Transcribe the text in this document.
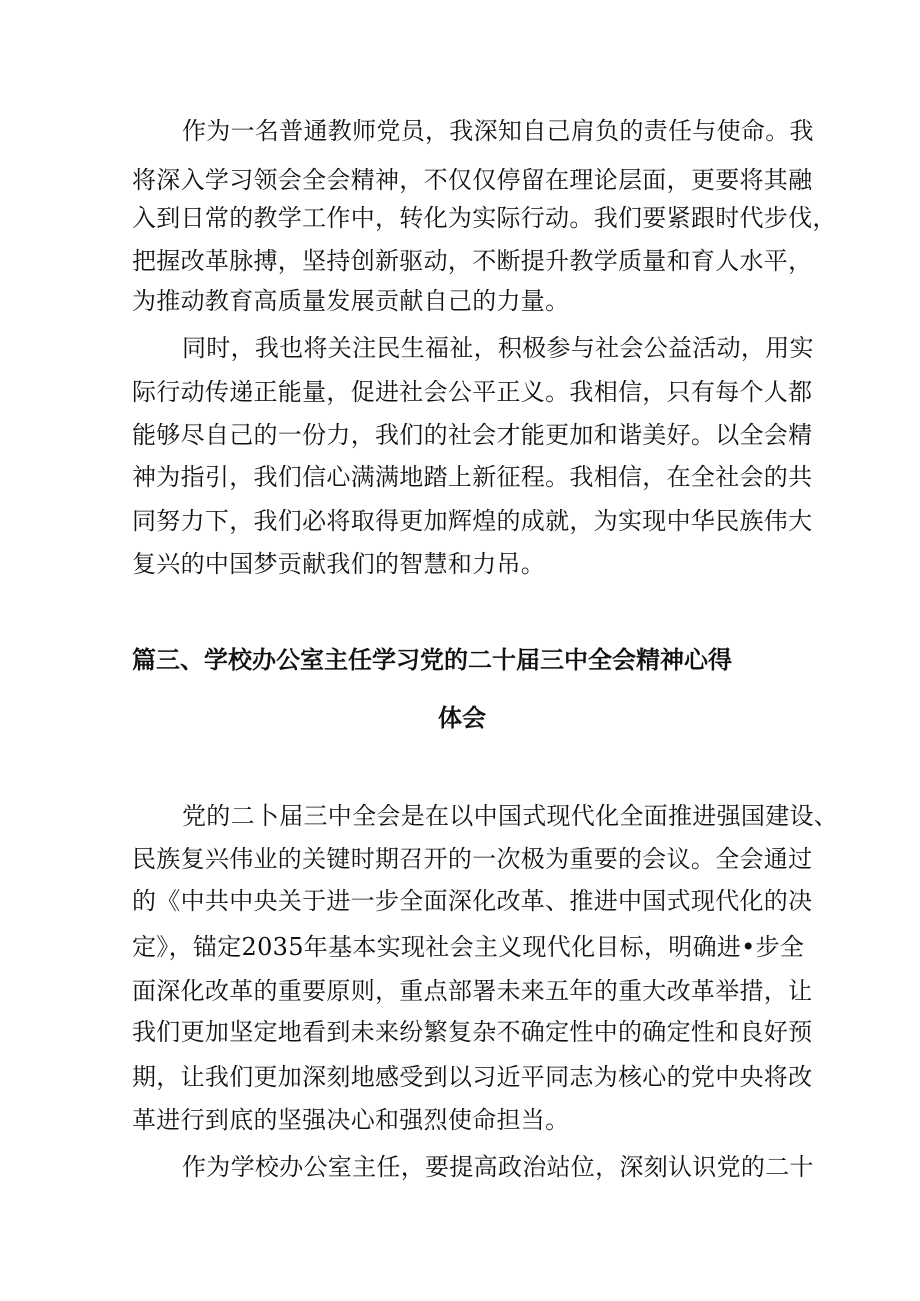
作为一名普通教师党员，我深知自己肩负的责任与使命。我
将深入学习领会全会精神，不仅仅停留在理论层面，更要将其融
入到日常的教学工作中，转化为实际行动。我们要紧跟时代步伐，
把握改革脉搏，坚持创新驱动，不断提升教学质量和育人水平，
为推动教育高质量发展贡献自己的力量。
同时，我也将关注民生福祉，积极参与社会公益活动，用实
际行动传递正能量，促进社会公平正义。我相信，只有每个人都
能够尽自己的一份力，我们的社会才能更加和谐美好。以全会精
神为指引，我们信心满满地踏上新征程。我相信，在全社会的共
同努力下，我们必将取得更加辉煌的成就，为实现中华民族伟大
复兴的中国梦贡献我们的智慧和力吊。
篇三、学校办公室主任学习党的二十届三中全会精神心得
体会
党的二卜届三中全会是在以中国式现代化全面推进强国建设、
民族复兴伟业的关键时期召开的一次极为重要的会议。全会通过
的《中共中央关于进一步全面深化改革、推进中国式现代化的决
定》，锚定2035年基本实现社会主义现代化目标，明确进•步全
面深化改革的重要原则，重点部署未来五年的重大改革举措，让
我们更加坚定地看到未来纷繁复杂不确定性中的确定性和良好预
期，让我们更加深刻地感受到以习近平同志为核心的党中央将改
革进行到底的坚强决心和强烈使命担当。
作为学校办公室主任，要提高政治站位，深刻认识党的二十
